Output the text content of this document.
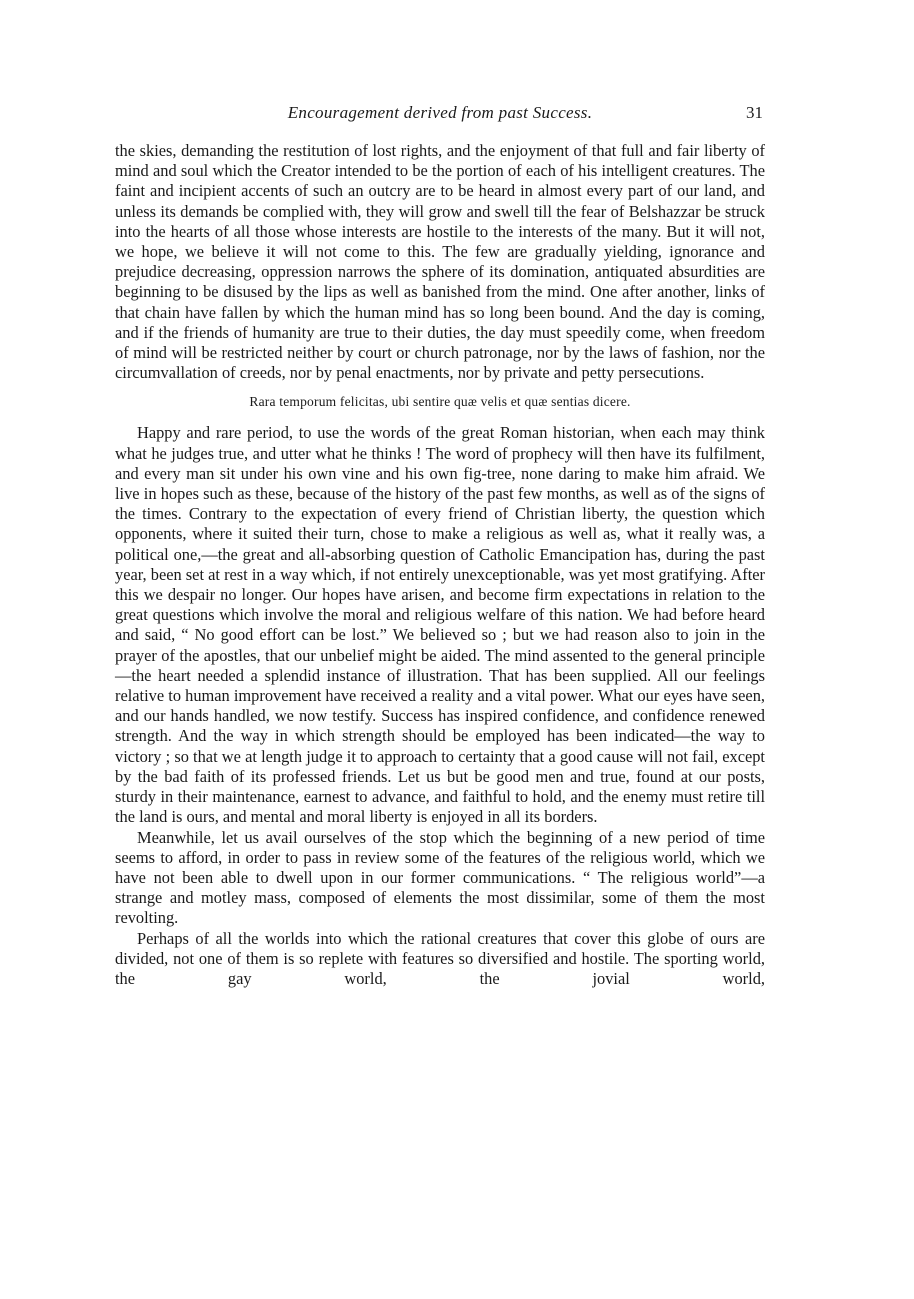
Encouragement derived from past Success.	31

the skies, demanding the restitution of lost rights, and the enjoyment of that full and fair liberty of mind and soul which the Creator intended to be the portion of each of his intelligent creatures. The faint and incipient accents of such an outcry are to be heard in almost every part of our land, and unless its demands be complied with, they will grow and swell till the fear of Belshazzar be struck into the hearts of all those whose interests are hostile to the interests of the many. But it will not, we hope, we believe it will not come to this. The few are gradually yielding, ignorance and prejudice decreasing, oppression narrows the sphere of its domination, antiquated absurdities are beginning to be disused by the lips as well as banished from the mind. One after another, links of that chain have fallen by which the human mind has so long been bound. And the day is coming, and if the friends of humanity are true to their duties, the day must speedily come, when freedom of mind will be restricted neither by court or church patronage, nor by the laws of fashion, nor the circumvallation of creeds, nor by penal enactments, nor by private and petty persecutions.

Rara temporum felicitas, ubi sentire quæ velis et quæ sentias dicere.

Happy and rare period, to use the words of the great Roman historian, when each may think what he judges true, and utter what he thinks ! The word of prophecy will then have its fulfilment, and every man sit under his own vine and his own fig-tree, none daring to make him afraid. We live in hopes such as these, because of the history of the past few months, as well as of the signs of the times. Contrary to the expectation of every friend of Christian liberty, the question which opponents, where it suited their turn, chose to make a religious as well as, what it really was, a political one,—the great and all-absorbing question of Catholic Emancipation has, during the past year, been set at rest in a way which, if not entirely unexceptionable, was yet most gratifying. After this we despair no longer. Our hopes have arisen, and become firm expectations in relation to the great questions which involve the moral and religious welfare of this nation. We had before heard and said, “ No good effort can be lost.” We believed so ; but we had reason also to join in the prayer of the apostles, that our unbelief might be aided. The mind assented to the general principle—the heart needed a splendid instance of illustration. That has been supplied. All our feelings relative to human improvement have received a reality and a vital power. What our eyes have seen, and our hands handled, we now testify. Success has inspired confidence, and confidence renewed strength. And the way in which strength should be employed has been indicated—the way to victory ; so that we at length judge it to approach to certainty that a good cause will not fail, except by the bad faith of its professed friends. Let us but be good men and true, found at our posts, sturdy in their maintenance, earnest to advance, and faithful to hold, and the enemy must retire till the land is ours, and mental and moral liberty is enjoyed in all its borders.

Meanwhile, let us avail ourselves of the stop which the beginning of a new period of time seems to afford, in order to pass in review some of the features of the religious world, which we have not been able to dwell upon in our former communications. “ The religious world”—a strange and motley mass, composed of elements the most dissimilar, some of them the most revolting.

Perhaps of all the worlds into which the rational creatures that cover this globe of ours are divided, not one of them is so replete with features so diversified and hostile. The sporting world, the gay world, the jovial world,
